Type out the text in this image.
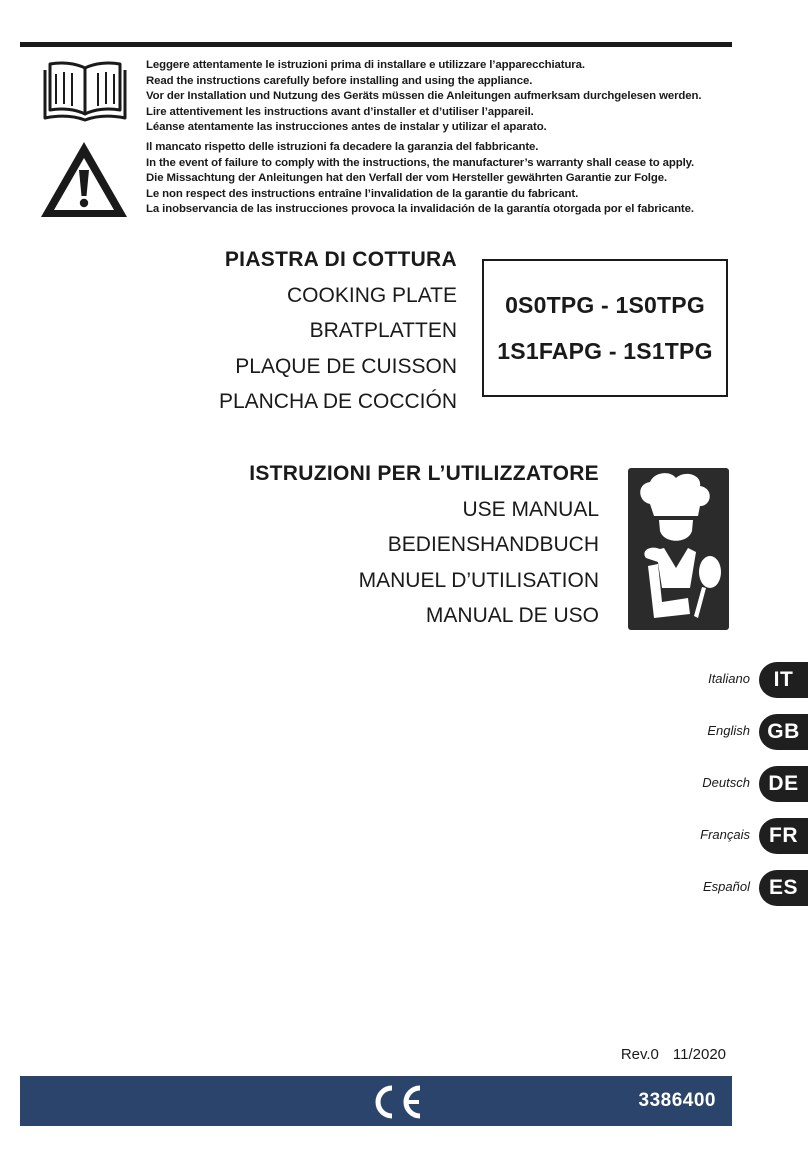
Leggere attentamente le istruzioni prima di installare e utilizzare l’apparecchiatura.
Read the instructions carefully before installing and using the appliance.
Vor der Installation und Nutzung des Geräts müssen die Anleitungen aufmerksam durchgelesen werden.
Lire attentivement les instructions avant d’installer et d’utiliser l’appareil.
Léanse atentamente las instrucciones antes de instalar y utilizar el aparato.
Il mancato rispetto delle istruzioni fa decadere la garanzia del fabbricante.
In the event of failure to comply with the instructions, the manufacturer’s warranty shall cease to apply.
Die Missachtung der Anleitungen hat den Verfall der vom Hersteller gewährten Garantie zur Folge.
Le non respect des instructions entraîne l’invalidation de la garantie du fabricant.
La inobservancia de las instrucciones provoca la invalidación de la garantía otorgada por el fabricante.
PIASTRA DI COTTURA
COOKING PLATE
BRATPLATTEN
PLAQUE DE CUISSON
PLANCHA DE COCCIÓN
0S0TPG - 1S0TPG
1S1FAPG - 1S1TPG
ISTRUZIONI PER L’UTILIZZATORE
USE MANUAL
BEDIENSHANDBUCH
MANUEL D’UTILISATION
MANUAL DE USO
Italiano	IT
English GB
Deutsch DE
Français FR
Español ES
Rev.0 11/2020
3386400
